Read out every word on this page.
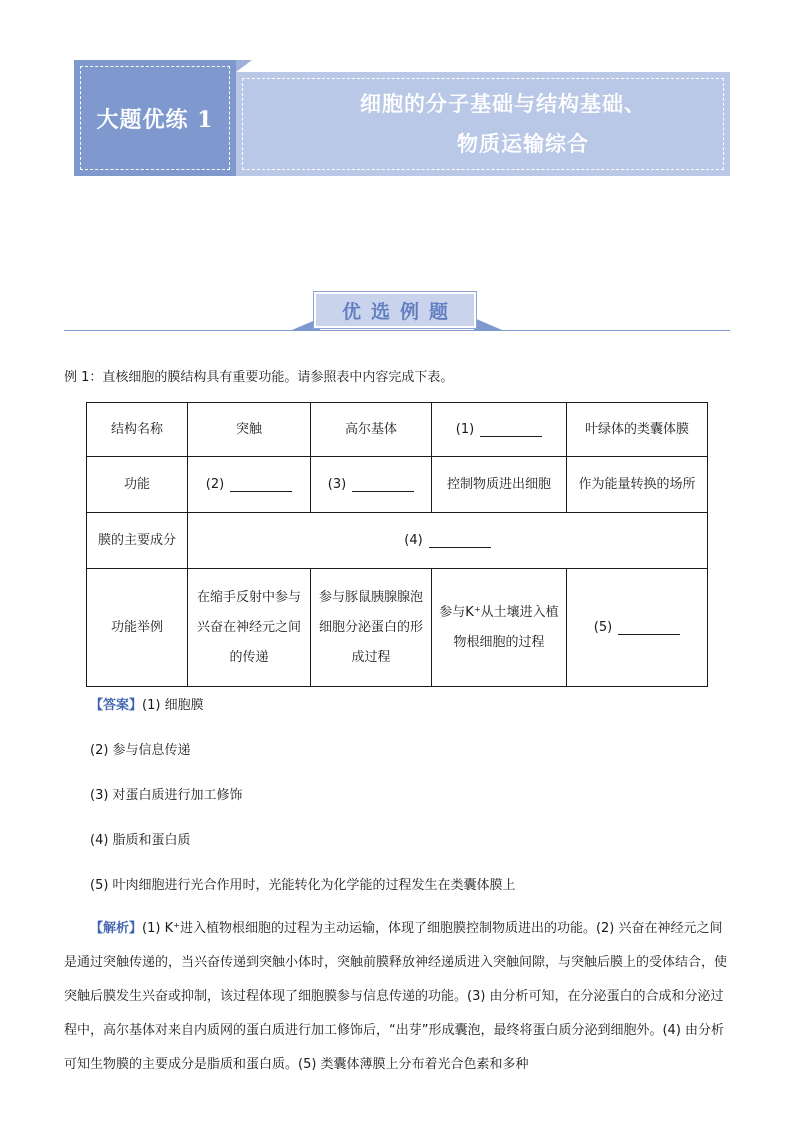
大题优练 1
细胞的分子基础与结构基础、
物质运输综合
优选例题
例 1：直核细胞的膜结构具有重要功能。请参照表中内容完成下表。
结构名称	突触	高尔基体	(1)	叶绿体的类囊体膜
功能	(2)	(3)	控制物质进出细胞	作为能量转换的场所
膜的主要成分	(4)			
功能举例	在缩手反射中参与兴奋在神经元之间的传递	参与豚鼠胰腺腺泡细胞分泌蛋白的形成过程	参与K⁺从土壤进入植物根细胞的过程	(5)
【答案】(1) 细胞膜
(2) 参与信息传递
(3) 对蛋白质进行加工修饰
(4) 脂质和蛋白质
(5) 叶肉细胞进行光合作用时，光能转化为化学能的过程发生在类囊体膜上
【解析】(1) K⁺进入植物根细胞的过程为主动运输，体现了细胞膜控制物质进出的功能。(2) 兴奋在神经元之间是通过突触传递的，当兴奋传递到突触小体时，突触前膜释放神经递质进入突触间隙，与突触后膜上的受体结合，使突触后膜发生兴奋或抑制，该过程体现了细胞膜参与信息传递的功能。(3) 由分析可知，在分泌蛋白的合成和分泌过程中，高尔基体对来自内质网的蛋白质进行加工修饰后，“出芽”形成囊泡，最终将蛋白质分泌到细胞外。(4) 由分析可知生物膜的主要成分是脂质和蛋白质。(5) 类囊体薄膜上分布着光合色素和多种
